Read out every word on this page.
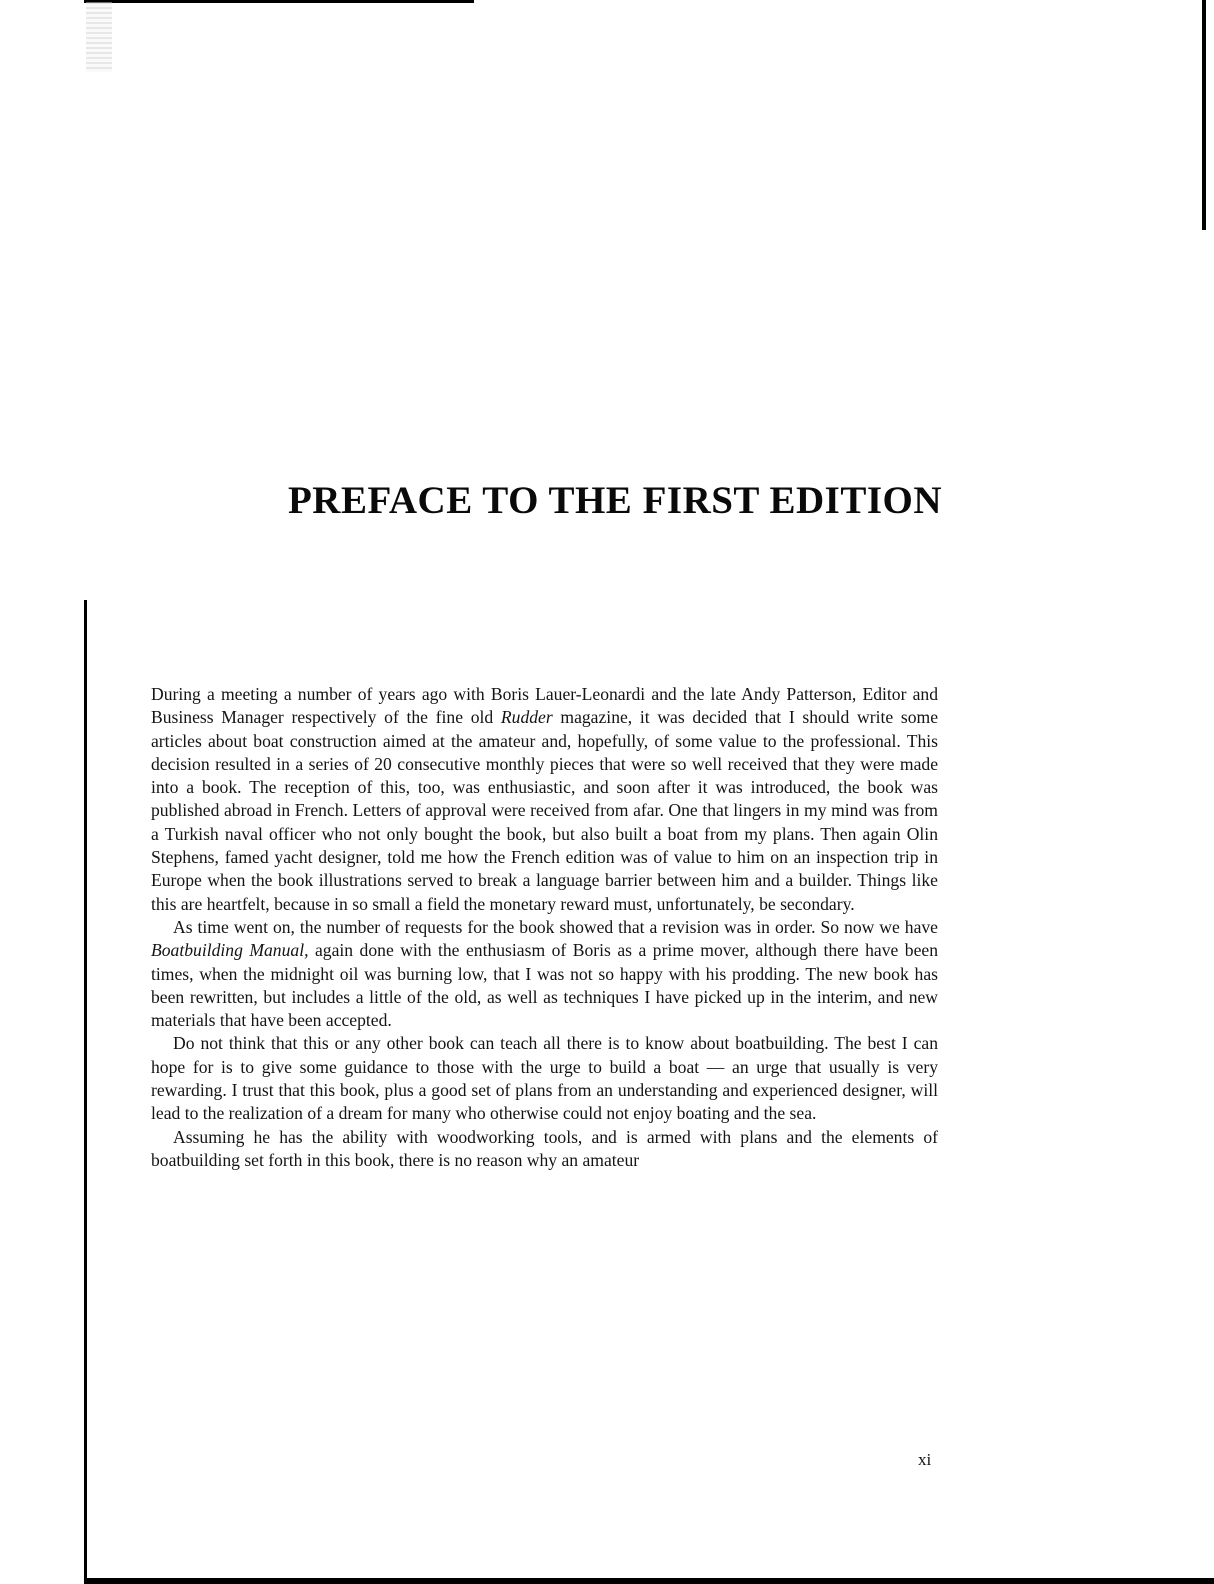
PREFACE TO THE FIRST EDITION

During a meeting a number of years ago with Boris Lauer-Leonardi and the late Andy Patterson, Editor and Business Manager respectively of the fine old Rudder magazine, it was decided that I should write some articles about boat construction aimed at the amateur and, hopefully, of some value to the professional. This decision resulted in a series of 20 consecutive monthly pieces that were so well received that they were made into a book. The reception of this, too, was enthusiastic, and soon after it was introduced, the book was published abroad in French. Letters of approval were received from afar. One that lingers in my mind was from a Turkish naval officer who not only bought the book, but also built a boat from my plans. Then again Olin Stephens, famed yacht designer, told me how the French edition was of value to him on an inspection trip in Europe when the book illustrations served to break a language barrier between him and a builder. Things like this are heartfelt, because in so small a field the monetary reward must, unfortunately, be secondary.

As time went on, the number of requests for the book showed that a revision was in order. So now we have Boatbuilding Manual, again done with the enthusiasm of Boris as a prime mover, although there have been times, when the midnight oil was burning low, that I was not so happy with his prodding. The new book has been rewritten, but includes a little of the old, as well as techniques I have picked up in the interim, and new materials that have been accepted.

Do not think that this or any other book can teach all there is to know about boatbuilding. The best I can hope for is to give some guidance to those with the urge to build a boat — an urge that usually is very rewarding. I trust that this book, plus a good set of plans from an understanding and experienced designer, will lead to the realization of a dream for many who otherwise could not enjoy boating and the sea.

Assuming he has the ability with woodworking tools, and is armed with plans and the elements of boatbuilding set forth in this book, there is no reason why an amateur

xi
